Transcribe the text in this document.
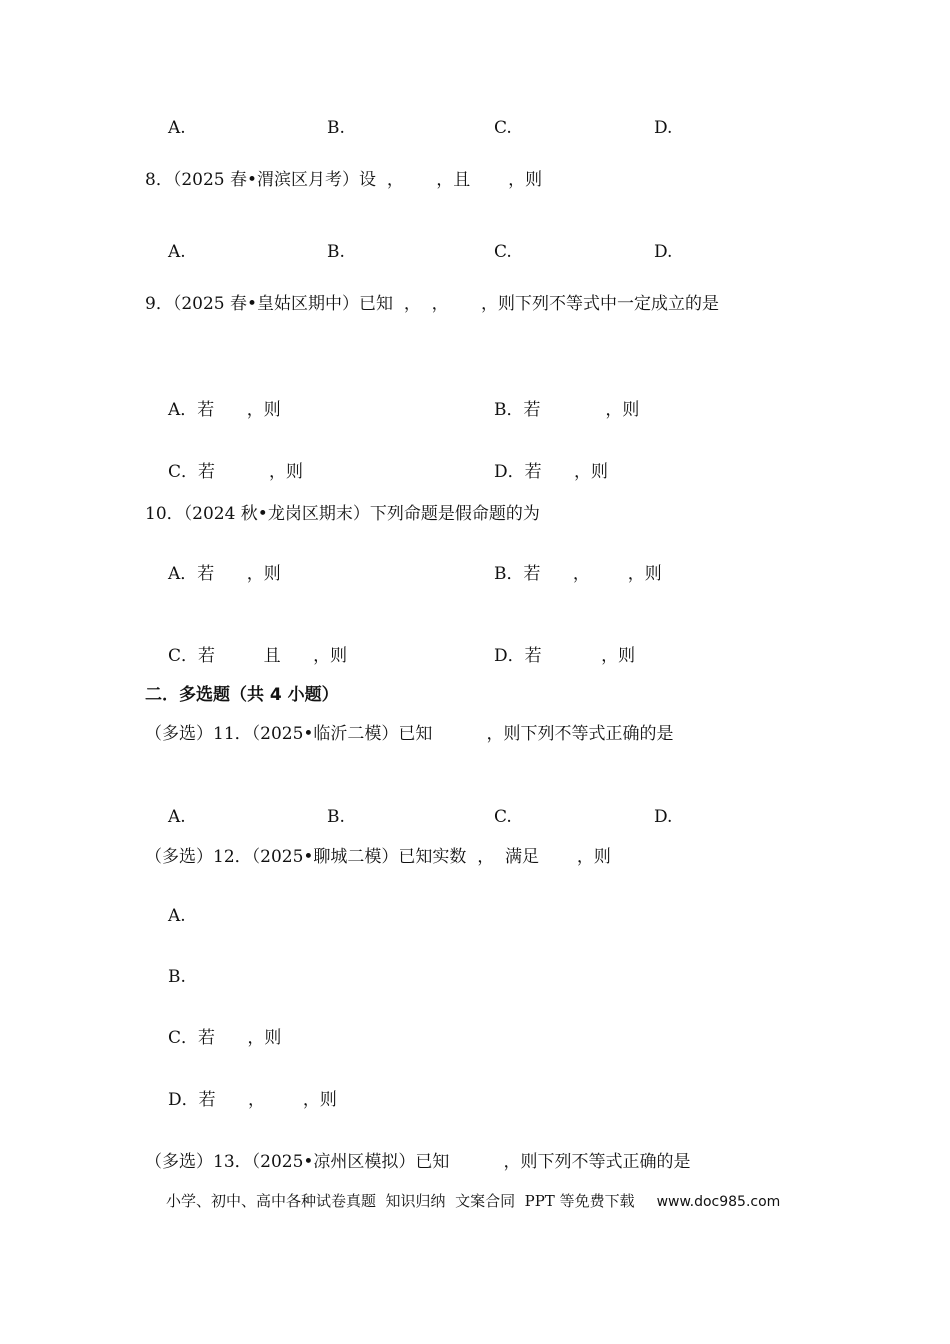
A.	B.	C.	D.
8．（2025 春•渭滨区月考）设  ，      ，且       ，则
A.	B.	C.	D.
9．（2025 春•皇姑区期中）已知  ，  ，      ，则下列不等式中一定成立的是
A．若      ，则	B．若            ，则
C．若          ，则	D．若      ，则
10．（2024 秋•龙岗区期末）下列命题是假命题的为
A．若      ，则	B．若      ，       ，则
C．若         且      ，则	D．若           ，则
二．多选题（共 4 小题）
（多选）11．（2025•临沂二模）已知          ，则下列不等式正确的是
A.	B.	C.	D.
（多选）12．（2025•聊城二模）已知实数  ，  满足       ，则
A.
B.
C．若      ，则
D．若      ，       ，则
（多选）13．（2025•凉州区模拟）已知          ，则下列不等式正确的是
小学、初中、高中各种试卷真题  知识归纳  文案合同  PPT 等免费下载 www.doc985.com
